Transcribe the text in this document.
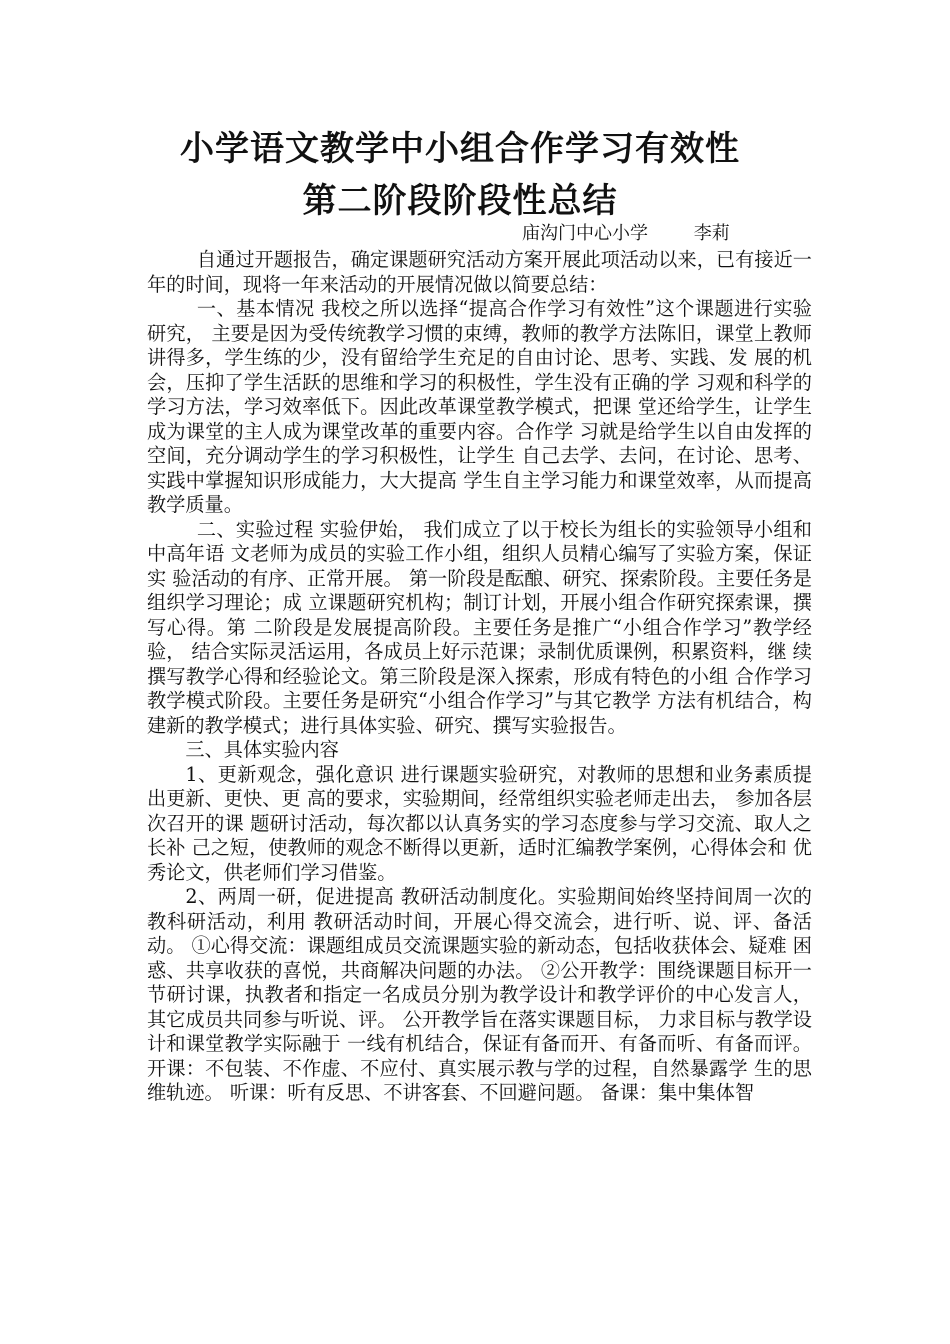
小学语文教学中小组合作学习有效性
第二阶段阶段性总结
庙沟门中心小学        李莉

自通过开题报告，确定课题研究活动方案开展此项活动以来，已有接近一年的时间，现将一年来活动的开展情况做以简要总结：

一、基本情况 我校之所以选择“提高合作学习有效性”这个课题进行实验研究， 主要是因为受传统教学习惯的束缚，教师的教学方法陈旧，课堂上教师 讲得多，学生练的少，没有留给学生充足的自由讨论、思考、实践、发 展的机会，压抑了学生活跃的思维和学习的积极性，学生没有正确的学 习观和科学的学习方法，学习效率低下。因此改革课堂教学模式，把课 堂还给学生，让学生成为课堂的主人成为课堂改革的重要内容。合作学 习就是给学生以自由发挥的空间，充分调动学生的学习积极性，让学生 自己去学、去问，在讨论、思考、实践中掌握知识形成能力，大大提高 学生自主学习能力和课堂效率，从而提高教学质量。

二、实验过程 实验伊始， 我们成立了以于校长为组长的实验领导小组和中高年语 文老师为成员的实验工作小组，组织人员精心编写了实验方案，保证实 验活动的有序、正常开展。 第一阶段是酝酿、研究、探索阶段。主要任务是组织学习理论；成 立课题研究机构；制订计划，开展小组合作研究探索课，撰写心得。第 二阶段是发展提高阶段。主要任务是推广“小组合作学习”教学经验， 结合实际灵活运用，各成员上好示范课；录制优质课例，积累资料，继 续撰写教学心得和经验论文。第三阶段是深入探索，形成有特色的小组 合作学习教学模式阶段。主要任务是研究“小组合作学习”与其它教学 方法有机结合，构建新的教学模式；进行具体实验、研究、撰写实验报告。

三、具体实验内容

1、更新观念，强化意识 进行课题实验研究，对教师的思想和业务素质提出更新、更快、更 高的要求，实验期间，经常组织实验老师走出去， 参加各层次召开的课 题研讨活动，每次都以认真务实的学习态度参与学习交流、取人之长补 己之短，使教师的观念不断得以更新，适时汇编教学案例，心得体会和 优秀论文，供老师们学习借鉴。

2、两周一研，促进提高 教研活动制度化。实验期间始终坚持间周一次的教科研活动，利用 教研活动时间，开展心得交流会，进行听、说、评、备活动。 ①心得交流：课题组成员交流课题实验的新动态，包括收获体会、疑难 困惑、共享收获的喜悦，共商解决问题的办法。 ②公开教学：围绕课题目标开一节研讨课，执教者和指定一名成员分别为教学设计和教学评价的中心发言人，其它成员共同参与听说、评。 公开教学旨在落实课题目标， 力求目标与教学设计和课堂教学实际融于 一线有机结合，保证有备而开、有备而听、有备而评。 开课：不包装、不作虚、不应付、真实展示教与学的过程，自然暴露学 生的思维轨迹。 听课：听有反思、不讲客套、不回避问题。 备课：集中集体智
